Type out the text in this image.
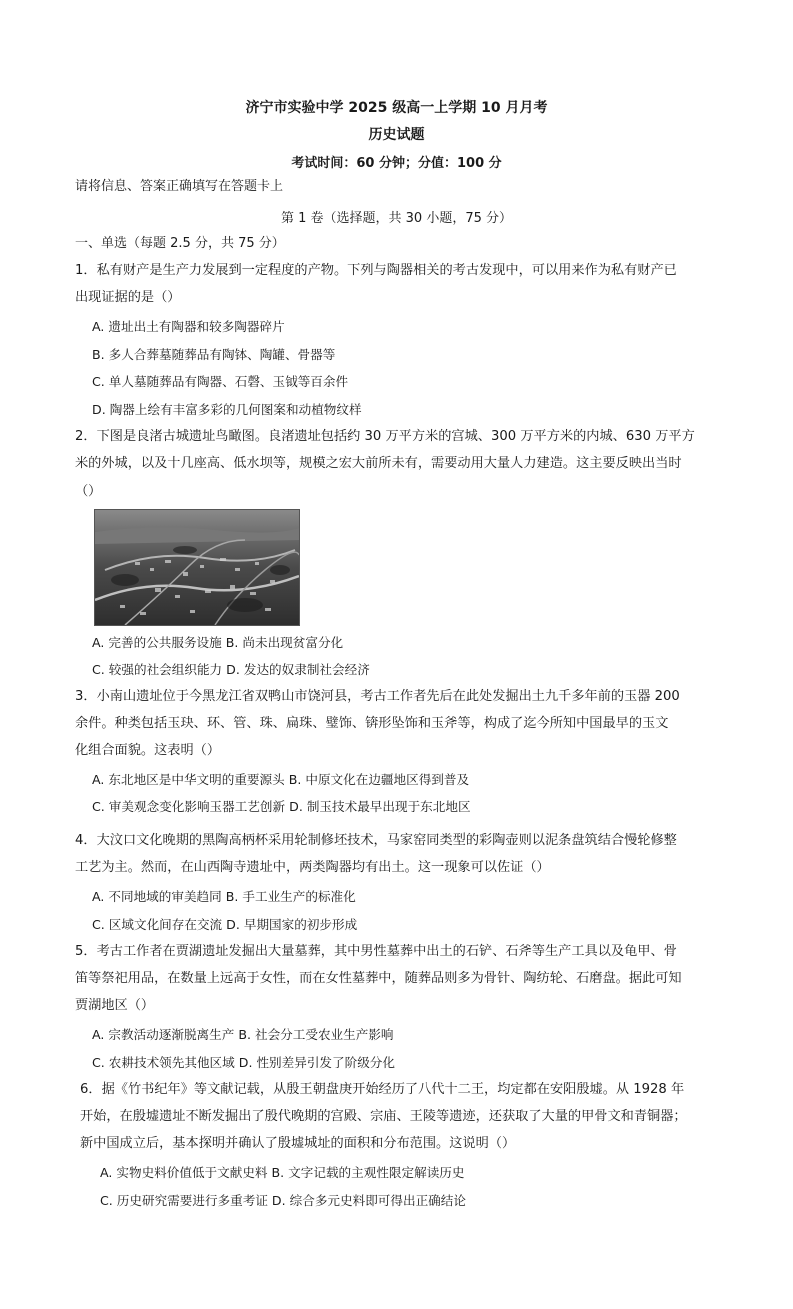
济宁市实验中学 2025 级高一上学期 10 月月考
历史试题
考试时间：60 分钟；分值：100 分
请将信息、答案正确填写在答题卡上
第 1 卷（选择题，共 30 小题，75 分）
一、单选（每题 2.5 分，共 75 分）
1．私有财产是生产力发展到一定程度的产物。下列与陶器相关的考古发现中，可以用来作为私有财产已
出现证据的是（）
A. 遗址出土有陶器和较多陶器碎片
B. 多人合葬墓随葬品有陶钵、陶罐、骨器等
C. 单人墓随葬品有陶器、石磬、玉钺等百余件
D. 陶器上绘有丰富多彩的几何图案和动植物纹样
2．下图是良渚古城遗址鸟瞰图。良渚遗址包括约 30 万平方米的宫城、300 万平方米的内城、630 万平方
米的外城，以及十几座高、低水坝等，规模之宏大前所未有，需要动用大量人力建造。这主要反映出当时
（）
A. 完善的公共服务设施 B. 尚未出现贫富分化
C. 较强的社会组织能力 D. 发达的奴隶制社会经济
3．小南山遗址位于今黑龙江省双鸭山市饶河县，考古工作者先后在此处发掘出土九千多年前的玉器 200
余件。种类包括玉玦、环、管、珠、扁珠、璧饰、锛形坠饰和玉斧等，构成了迄今所知中国最早的玉文
化组合面貌。这表明（）
A. 东北地区是中华文明的重要源头 B. 中原文化在边疆地区得到普及
C. 审美观念变化影响玉器工艺创新 D. 制玉技术最早出现于东北地区
4．大汶口文化晚期的黑陶高柄杯采用轮制修坯技术，马家窑同类型的彩陶壶则以泥条盘筑结合慢轮修整
工艺为主。然而，在山西陶寺遗址中，两类陶器均有出土。这一现象可以佐证（）
A. 不同地域的审美趋同 B. 手工业生产的标准化
C. 区域文化间存在交流 D. 早期国家的初步形成
5．考古工作者在贾湖遗址发掘出大量墓葬，其中男性墓葬中出土的石铲、石斧等生产工具以及龟甲、骨
笛等祭祀用品，在数量上远高于女性，而在女性墓葬中，随葬品则多为骨针、陶纺轮、石磨盘。据此可知
贾湖地区（）
A. 宗教活动逐渐脱离生产 B. 社会分工受农业生产影响
C. 农耕技术领先其他区域 D. 性别差异引发了阶级分化
6．据《竹书纪年》等文献记载，从殷王朝盘庚开始经历了八代十二王，均定都在安阳殷墟。从 1928 年
开始，在殷墟遗址不断发掘出了殷代晚期的宫殿、宗庙、王陵等遗迹，还获取了大量的甲骨文和青铜器；
新中国成立后，基本探明并确认了殷墟城址的面积和分布范围。这说明（）
A. 实物史料价值低于文献史料 B. 文字记载的主观性限定解读历史
C. 历史研究需要进行多重考证 D. 综合多元史料即可得出正确结论
